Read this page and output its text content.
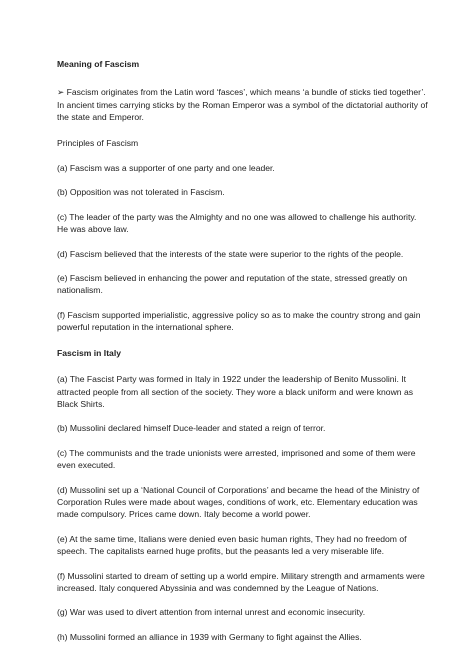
Meaning of Fascism

➢ Fascism originates from the Latin word ‘fasces’, which means ‘a bundle of sticks tied together’. In ancient times carrying sticks by the Roman Emperor was a symbol of the dictatorial authority of the state and Emperor.

Principles of Fascism

(a) Fascism was a supporter of one party and one leader.

(b) Opposition was not tolerated in Fascism.

(c) The leader of the party was the Almighty and no one was allowed to challenge his authority. He was above law.

(d) Fascism believed that the interests of the state were superior to the rights of the people.

(e) Fascism believed in enhancing the power and reputation of the state, stressed greatly on nationalism.

(f) Fascism supported imperialistic, aggressive policy so as to make the country strong and gain powerful reputation in the international sphere.

Fascism in Italy

(a) The Fascist Party was formed in Italy in 1922 under the leadership of Benito Mussolini. It attracted people from all section of the society. They wore a black uniform and were known as Black Shirts.

(b) Mussolini declared himself Duce-leader and stated a reign of terror.

(c) The communists and the trade unionists were arrested, imprisoned and some of them were even executed.

(d) Mussolini set up a ‘National Council of Corporations’ and became the head of the Ministry of Corporation Rules were made about wages, conditions of work, etc. Elementary education was made compulsory. Prices came down. Italy become a world power.

(e) At the same time, Italians were denied even basic human rights, They had no freedom of speech. The capitalists earned huge profits, but the peasants led a very miserable life.

(f) Mussolini started to dream of setting up a world empire. Military strength and armaments were increased. Italy conquered Abyssinia and was condemned by the League of Nations.

(g) War was used to divert attention from internal unrest and economic insecurity.

(h) Mussolini formed an alliance in 1939 with Germany to fight against the Allies.
